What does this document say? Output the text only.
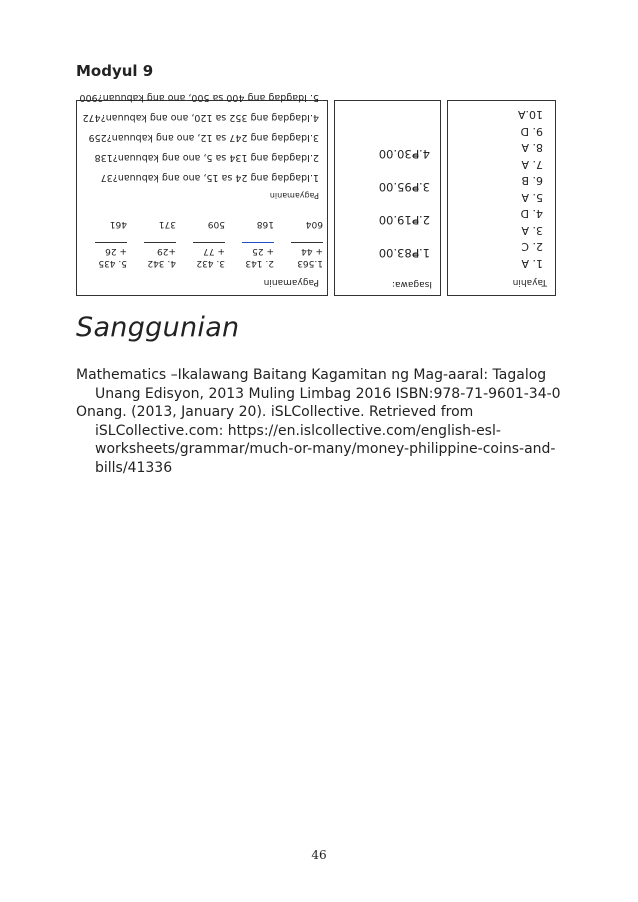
Modyul 9
Tayahin
1. A
2. C
3. A
4. D
5. A
6. B
7. A
8. A
9. D
10.A
Isagawa:
1.₱83.00
2.₱19.00
3.₱95.00
4.₱30.00
Pagyamanin
1.563
+ 44
604
2. 143
+ 25
168
3. 432
+ 77
509
4. 342
+29
371
5. 435
+ 26
461
Pagyamanin
1.Idagdag ang 24 sa 15, ano ang kabuuan?37
2.Idagdag ang 134 sa 5, ano ang kabuuan?138
3.Idagdag ang 247 sa 12, ano ang kabuuan?259
4.Idagdag ang 352 sa 120, ano ang kabuuan?472
5. Idagdag ang 400 sa 500, ano ang kabuuan?900
Sanggunian

Mathematics –Ikalawang Baitang Kagamitan ng Mag-aaral: Tagalog Unang Edisyon, 2013 Muling Limbag 2016 ISBN:978-71-9601-34-0

Onang. (2013, January 20). iSLCollective. Retrieved from iSLCollective.com: https://en.islcollective.com/english-esl-worksheets/grammar/much-or-many/money-philippine-coins-and-bills/41336

46
